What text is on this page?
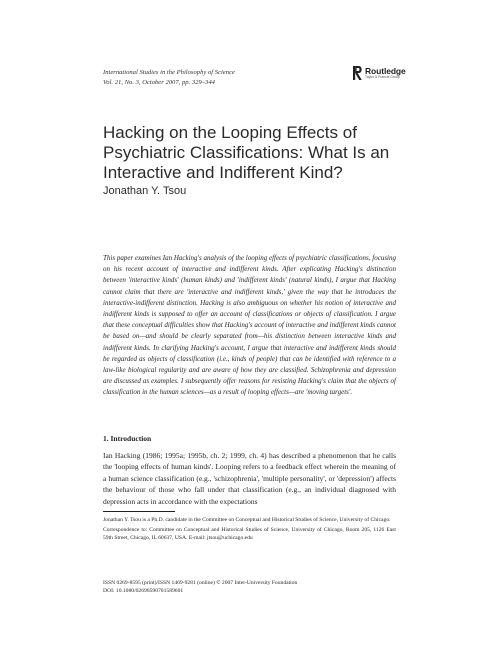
International Studies in the Philosophy of Science
Vol. 21, No. 3, October 2007, pp. 329–344
Routledge
Taylor & Francis Group
Hacking on the Looping Effects of Psychiatric Classifications: What Is an Interactive and Indifferent Kind?
Jonathan Y. Tsou

This paper examines Ian Hacking's analysis of the looping effects of psychiatric classifications, focusing on his recent account of interactive and indifferent kinds. After explicating Hacking's distinction between 'interactive kinds' (human kinds) and 'indifferent kinds' (natural kinds), I argue that Hacking cannot claim that there are 'interactive and indifferent kinds,' given the way that he introduces the interactive-indifferent distinction. Hacking is also ambiguous on whether his notion of interactive and indifferent kinds is supposed to offer an account of classifications or objects of classification. I argue that these conceptual difficulties show that Hacking's account of interactive and indifferent kinds cannot be based on—and should be clearly separated from—his distinction between interactive kinds and indifferent kinds. In clarifying Hacking's account, I argue that interactive and indifferent kinds should be regarded as objects of classification (i.e., kinds of people) that can be identified with reference to a law-like biological regularity and are aware of how they are classified. Schizophrenia and depression are discussed as examples. I subsequently offer reasons for resisting Hacking's claim that the objects of classification in the human sciences—as a result of looping effects—are 'moving targets'.

1. Introduction

Ian Hacking (1986; 1995a; 1995b, ch. 2; 1999, ch. 4) has described a phenomenon that he calls the 'looping effects of human kinds'. Looping refers to a feedback effect wherein the meaning of a human science classification (e.g., 'schizophrenia', 'multiple personality', or 'depression') affects the behaviour of those who fall under that classification (e.g., an individual diagnosed with depression acts in accordance with the expectations

Jonathan Y. Tsou is a Ph.D. candidate in the Committee on Conceptual and Historical Studies of Science, University of Chicago.

Correspondence to: Committee on Conceptual and Historical Studies of Science, University of Chicago, Room 205, 1126 East 59th Street, Chicago, IL 60637, USA. E-mail: jtsou@uchicago.edu

ISSN 0269-8595 (print)/ISSN 1469-9281 (online) © 2007 Inter-University Foundation
DOI: 10.1080/02698590701589601
